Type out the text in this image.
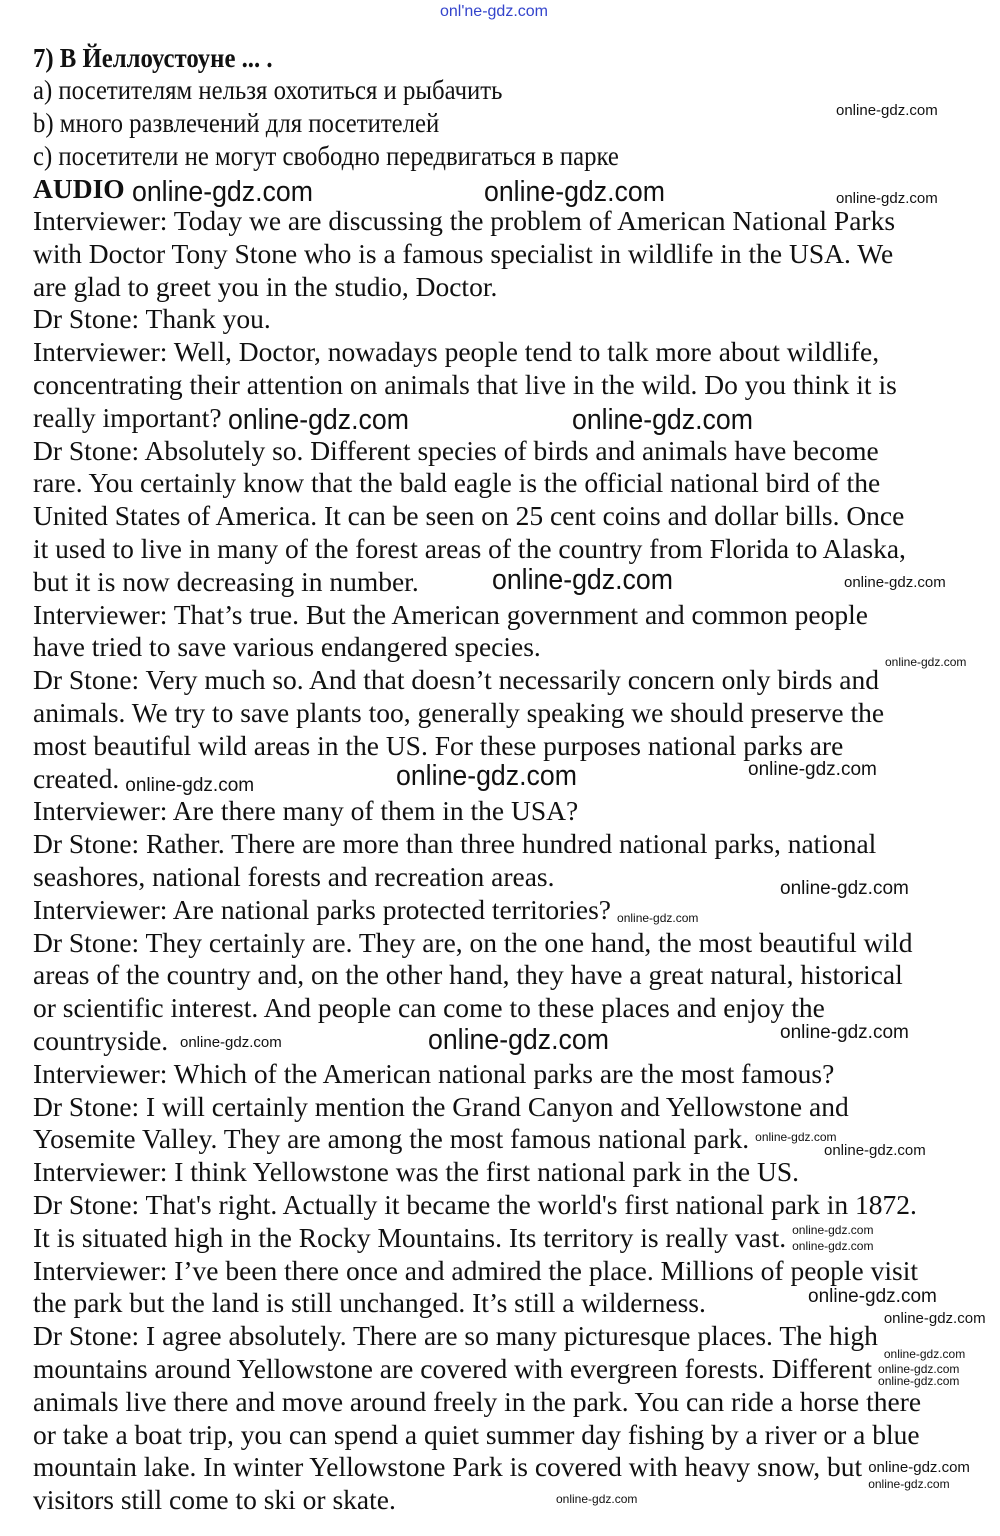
onl'ne-gdz.com
7) В Йеллоустоуне ... .
a) посетителям нельзя охотиться и рыбачить
b) много развлечений для посетителей
c) посетители не могут свободно передвигаться в парке
AUDIO
Interviewer: Today we are discussing the problem of American National Parks
with Doctor Tony Stone who is a famous specialist in wildlife in the USA. We
are glad to greet you in the studio, Doctor.
Dr Stone: Thank you.
Interviewer: Well, Doctor, nowadays people tend to talk more about wildlife,
concentrating their attention on animals that live in the wild. Do you think it is
really important?
Dr Stone: Absolutely so. Different species of birds and animals have become
rare. You certainly know that the bald eagle is the official national bird of the
United States of America. It can be seen on 25 cent coins and dollar bills. Once
it used to live in many of the forest areas of the country from Florida to Alaska,
but it is now decreasing in number.
Interviewer: That’s true. But the American government and common people
have tried to save various endangered species.
Dr Stone: Very much so. And that doesn’t necessarily concern only birds and
animals. We try to save plants too, generally speaking we should preserve the
most beautiful wild areas in the US. For these purposes national parks are
created.
Interviewer: Are there many of them in the USA?
Dr Stone: Rather. There are more than three hundred national parks, national
seashores, national forests and recreation areas.
Interviewer: Are national parks protected territories?
Dr Stone: They certainly are. They are, on the one hand, the most beautiful wild
areas of the country and, on the other hand, they have a great natural, historical
or scientific interest. And people can come to these places and enjoy the
countryside.
Interviewer: Which of the American national parks are the most famous?
Dr Stone: I will certainly mention the Grand Canyon and Yellowstone and
Yosemite Valley. They are among the most famous national park.
Interviewer: I think Yellowstone was the first national park in the US.
Dr Stone: That's right. Actually it became the world's first national park in 1872.
It is situated high in the Rocky Mountains. Its territory is really vast.
Interviewer: I’ve been there once and admired the place. Millions of people visit
the park but the land is still unchanged. It’s still a wilderness.
Dr Stone: I agree absolutely. There are so many picturesque places. The high
mountains around Yellowstone are covered with evergreen forests. Different
animals live there and move around freely in the park. You can ride a horse there
or take a boat trip, you can spend a quiet summer day fishing by a river or a blue
mountain lake. In winter Yellowstone Park is covered with heavy snow, but
visitors still come to ski or skate.
online-gdz.com
online-gdz.com	online-gdz.com	online-gdz.com
online-gdz.com	online-gdz.com
online-gdz.com	online-gdz.com
online-gdz.com
online-gdz.com	online-gdz.com	online-gdz.com
online-gdz.com
online-gdz.com
online-gdz.com	online-gdz.com	online-gdz.com
online-gdz.com
online-gdz.com
online-gdz.com
online-gdz.com
online-gdz.com
online-gdz.com
online-gdz.com
online-gdz.com
online-gdz.com
online-gdz.com
online-gdz.com
online-gdz.com
